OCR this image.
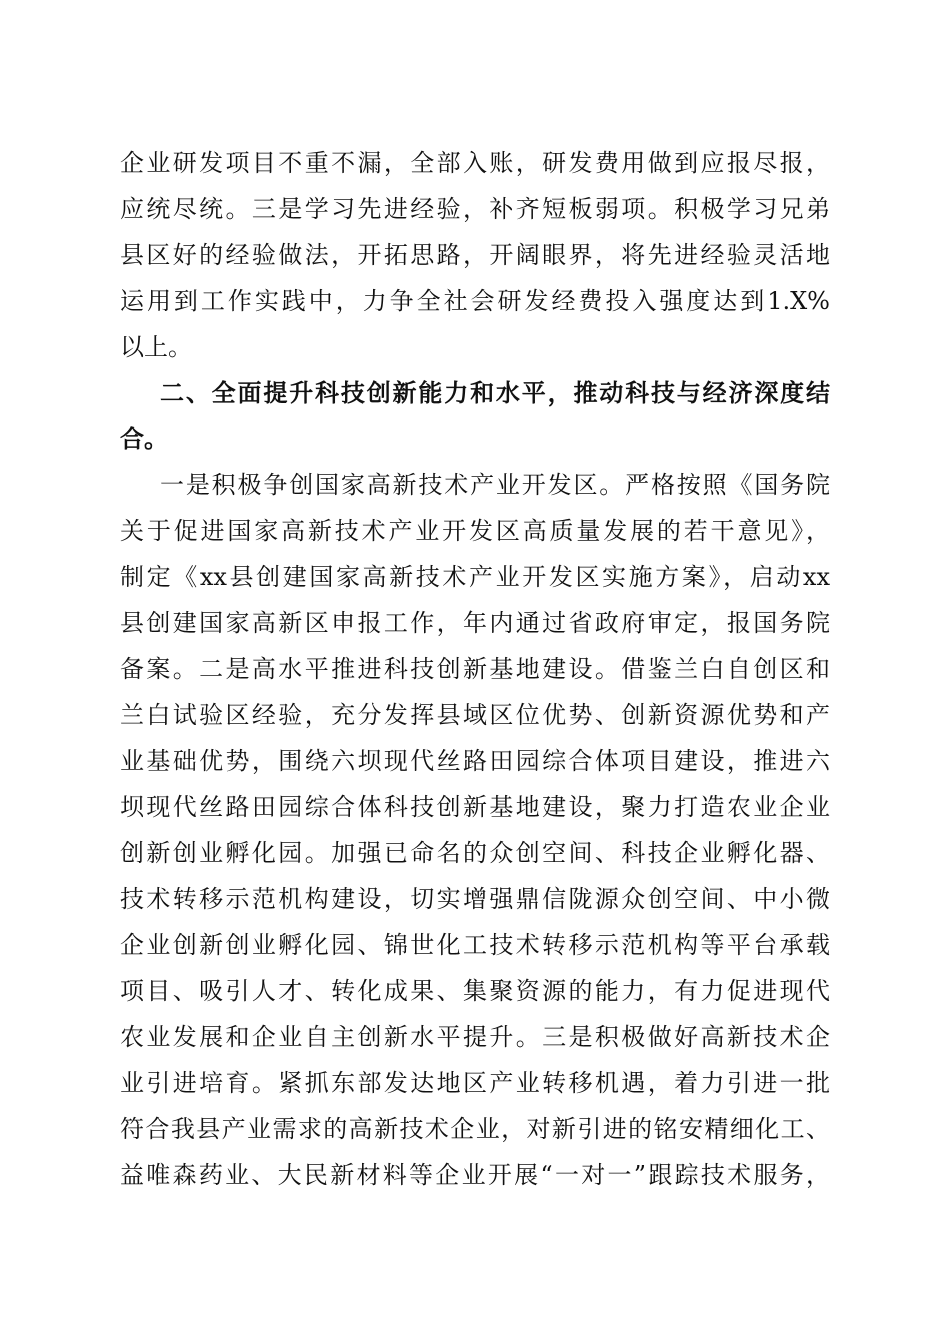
企业研发项目不重不漏，全部入账，研发费用做到应报尽报，
应统尽统。三是学习先进经验，补齐短板弱项。积极学习兄弟
县区好的经验做法，开拓思路，开阔眼界，将先进经验灵活地
运用到工作实践中，力争全社会研发经费投入强度达到1.X%
以上。
二、全面提升科技创新能力和水平，推动科技与经济深度结
合。
一是积极争创国家高新技术产业开发区。严格按照《国务院
关于促进国家高新技术产业开发区高质量发展的若干意见》，
制定《xx县创建国家高新技术产业开发区实施方案》，启动xx
县创建国家高新区申报工作，年内通过省政府审定，报国务院
备案。二是高水平推进科技创新基地建设。借鉴兰白自创区和
兰白试验区经验，充分发挥县域区位优势、创新资源优势和产
业基础优势，围绕六坝现代丝路田园综合体项目建设，推进六
坝现代丝路田园综合体科技创新基地建设，聚力打造农业企业
创新创业孵化园。加强已命名的众创空间、科技企业孵化器、
技术转移示范机构建设，切实增强鼎信陇源众创空间、中小微
企业创新创业孵化园、锦世化工技术转移示范机构等平台承载
项目、吸引人才、转化成果、集聚资源的能力，有力促进现代
农业发展和企业自主创新水平提升。三是积极做好高新技术企
业引进培育。紧抓东部发达地区产业转移机遇，着力引进一批
符合我县产业需求的高新技术企业，对新引进的铭安精细化工、
益唯森药业、大民新材料等企业开展“一对一”跟踪技术服务，
